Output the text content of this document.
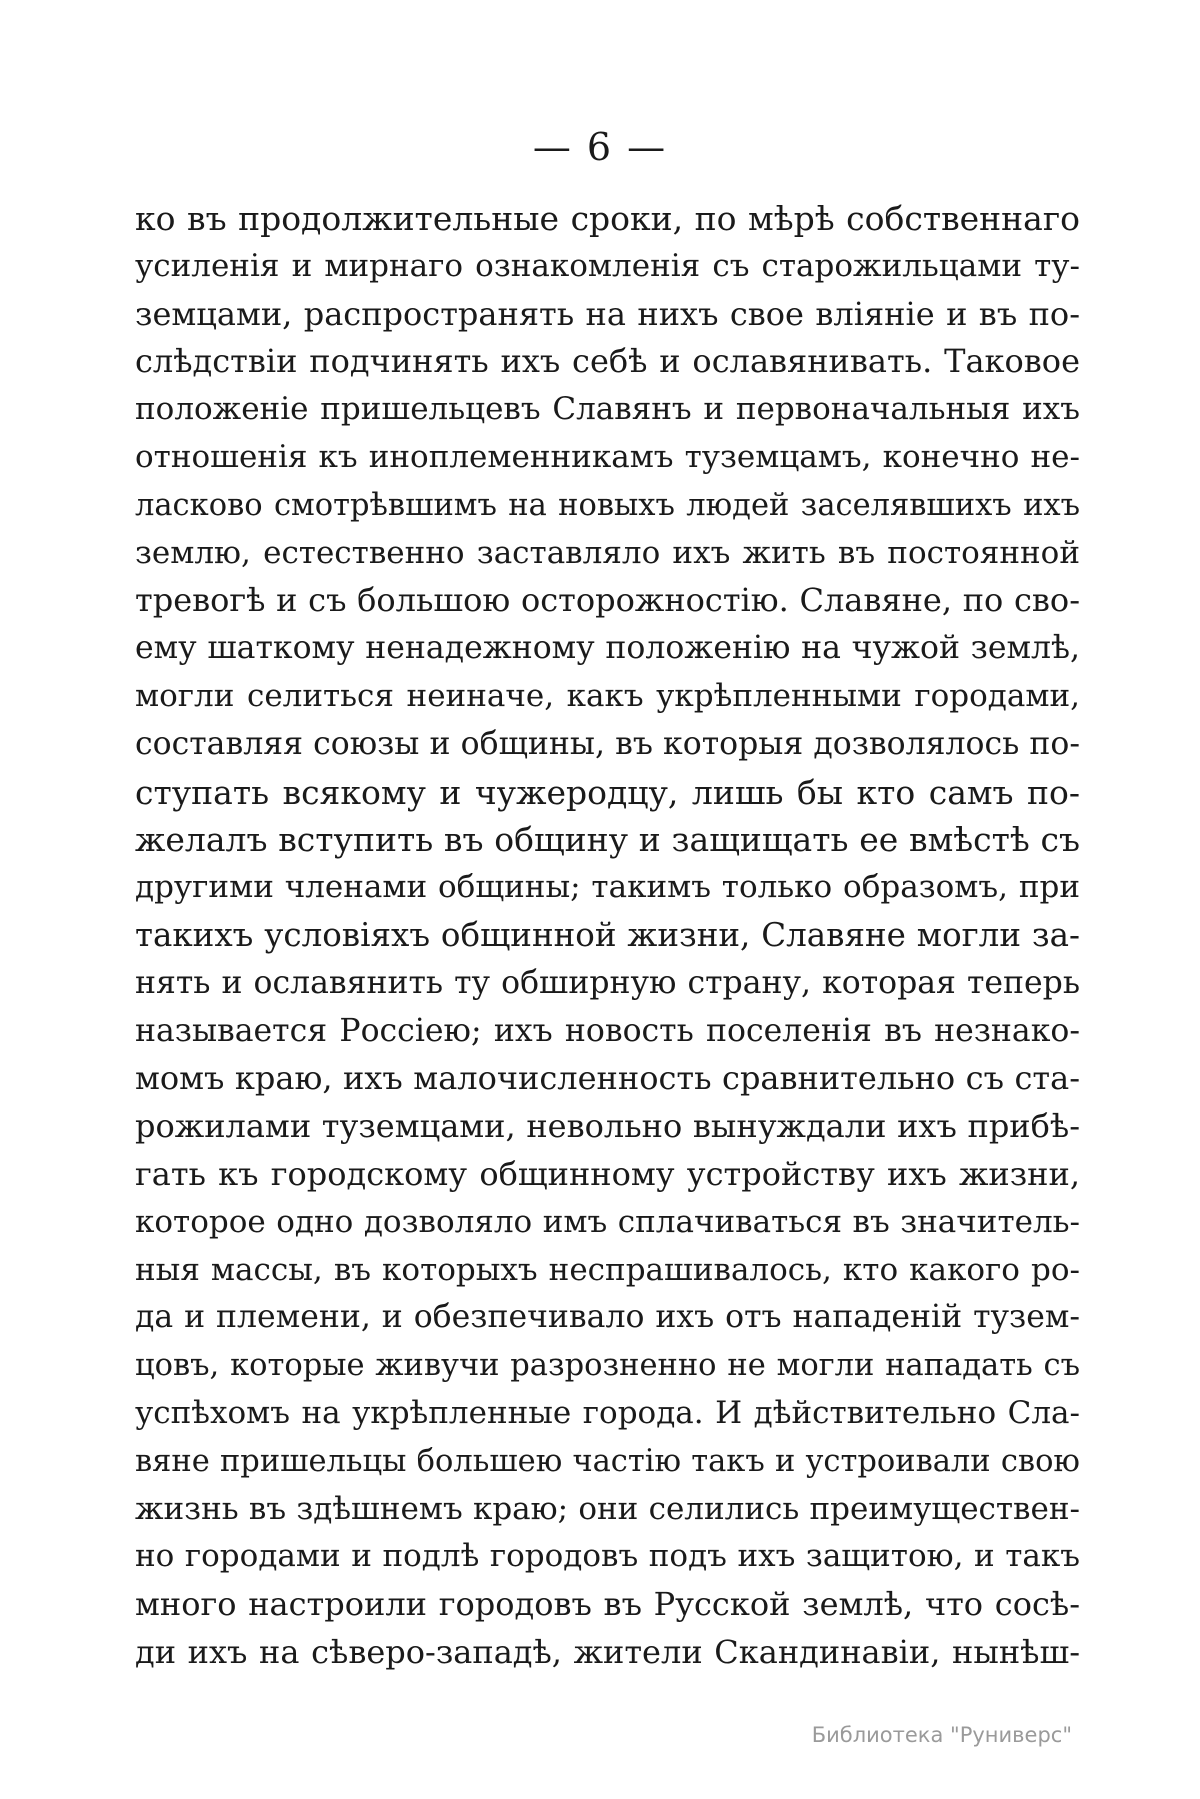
— 6 —
ко въ продолжительные сроки, по мѣрѣ собственнаго
усиленія и мирнаго ознакомленія съ старожильцами ту-
земцами, распространять на нихъ свое вліяніе и въ по-
слѣдствіи подчинять ихъ себѣ и ославянивать. Таковое
положеніе пришельцевъ Славянъ и первоначальныя ихъ
отношенія къ иноплеменникамъ туземцамъ, конечно не-
ласково смотрѣвшимъ на новыхъ людей заселявшихъ ихъ
землю, естественно заставляло ихъ жить въ постоянной
тревогѣ и съ большою осторожностію. Славяне, по сво-
ему шаткому ненадежному положенію на чужой землѣ,
могли селиться неиначе, какъ укрѣпленными городами,
составляя союзы и общины, въ которыя дозволялось по-
ступать всякому и чужеродцу, лишь бы кто самъ по-
желалъ вступить въ общину и защищать ее вмѣстѣ съ
другими членами общины; такимъ только образомъ, при
такихъ условіяхъ общинной жизни, Славяне могли за-
нять и ославянить ту обширную страну, которая теперь
называется Россіею; ихъ новость поселенія въ незнако-
момъ краю, ихъ малочисленность сравнительно съ ста-
рожилами туземцами, невольно вынуждали ихъ прибѣ-
гать къ городскому общинному устройству ихъ жизни,
которое одно дозволяло имъ сплачиваться въ значитель-
ныя массы, въ которыхъ неспрашивалось, кто какого ро-
да и племени, и обезпечивало ихъ отъ нападеній тузем-
цовъ, которые живучи разрозненно не могли нападать съ
успѣхомъ на укрѣпленные города. И дѣйствительно Сла-
вяне пришельцы большею частію такъ и устроивали свою
жизнь въ здѣшнемъ краю; они селились преимуществен-
но городами и подлѣ городовъ подъ ихъ защитою, и такъ
много настроили городовъ въ Русской землѣ, что сосѣ-
ди ихъ на сѣверо-западѣ, жители Скандинавіи, нынѣш-
Библиотека "Руниверс"
